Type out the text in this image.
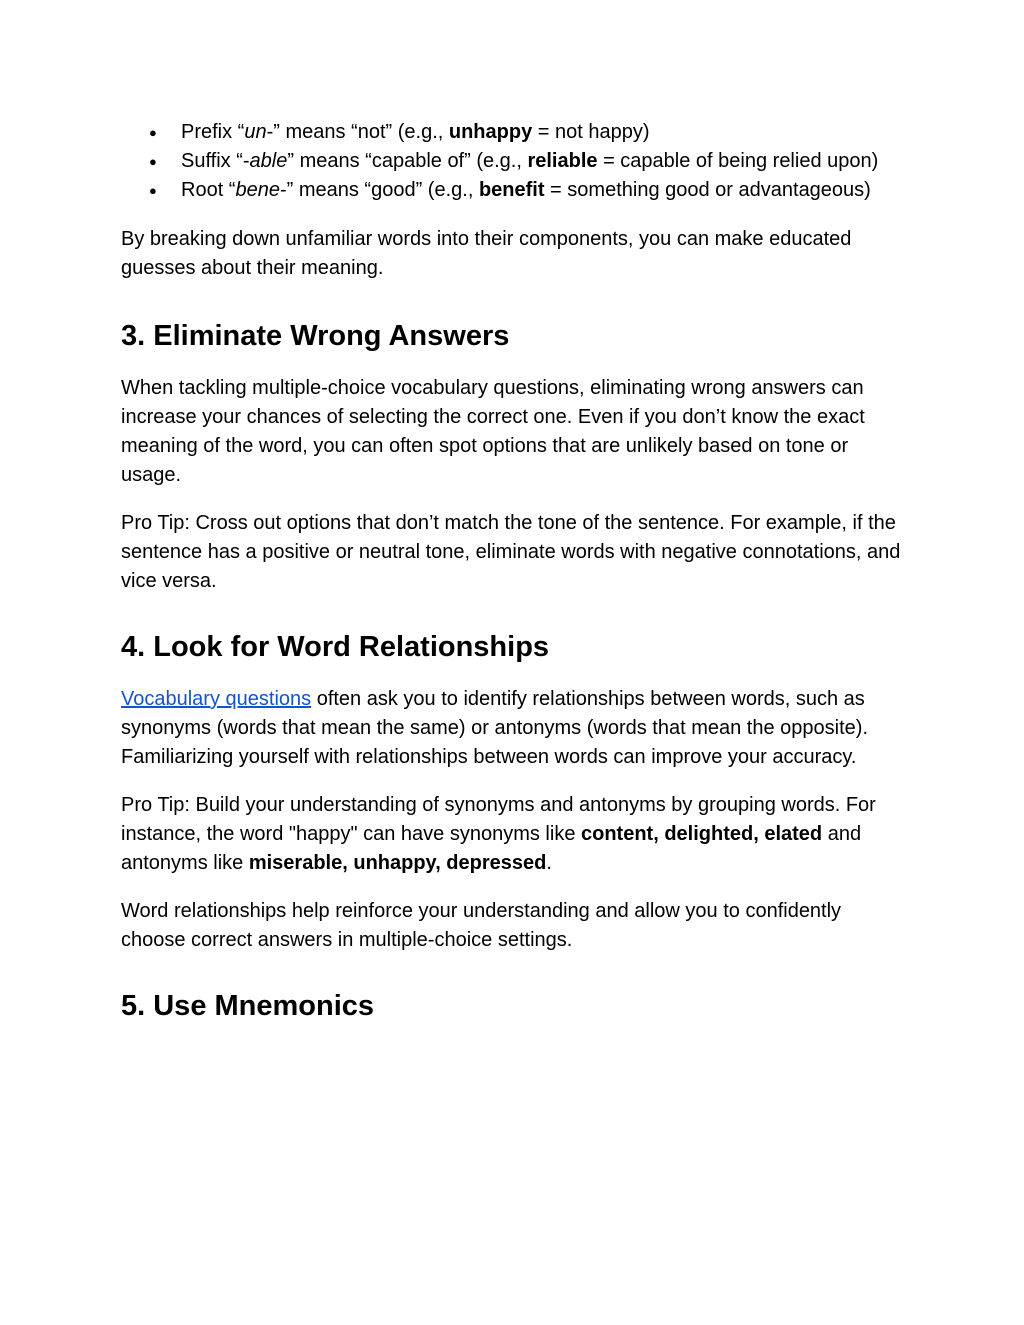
● Prefix “un-” means “not” (e.g., unhappy = not happy)
● Suffix “-able” means “capable of” (e.g., reliable = capable of being relied upon)
● Root “bene-” means “good” (e.g., benefit = something good or advantageous)

By breaking down unfamiliar words into their components, you can make educated guesses about their meaning.

3. Eliminate Wrong Answers

When tackling multiple-choice vocabulary questions, eliminating wrong answers can increase your chances of selecting the correct one. Even if you don’t know the exact meaning of the word, you can often spot options that are unlikely based on tone or usage.

Pro Tip: Cross out options that don’t match the tone of the sentence. For example, if the sentence has a positive or neutral tone, eliminate words with negative connotations, and vice versa.

4. Look for Word Relationships

Vocabulary questions often ask you to identify relationships between words, such as synonyms (words that mean the same) or antonyms (words that mean the opposite). Familiarizing yourself with relationships between words can improve your accuracy.

Pro Tip: Build your understanding of synonyms and antonyms by grouping words. For instance, the word "happy" can have synonyms like content, delighted, elated and antonyms like miserable, unhappy, depressed.

Word relationships help reinforce your understanding and allow you to confidently choose correct answers in multiple-choice settings.

5. Use Mnemonics
